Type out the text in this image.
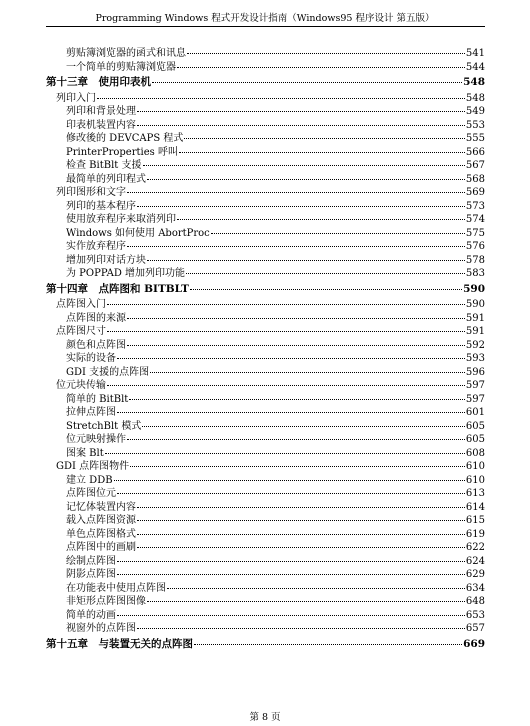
Programming Windows 程式开发设计指南（Windows95 程序设计 第五版）
剪贴簿浏览器的函式和讯息	541
一个简单的剪贴簿浏览器	544
第十三章　使用印表机	548
列印入门	548
列印和背景处理	549
印表机装置内容	553
修改後的 DEVCAPS 程式	555
PrinterProperties 呼叫	566
检查 BitBlt 支援	567
最简单的列印程式	568
列印图形和文字	569
列印的基本程序	573
使用放弃程序来取消列印	574
Windows 如何使用 AbortProc	575
实作放弃程序	576
增加列印对话方块	578
为 POPPAD 增加列印功能	583
第十四章　点阵图和 BITBLT	590
点阵图入门	590
点阵图的来源	591
点阵图尺寸	591
颜色和点阵图	592
实际的设备	593
GDI 支援的点阵图	596
位元块传输	597
简单的 BitBlt	597
拉伸点阵图	601
StretchBlt 模式	605
位元映射操作	605
图案 Blt	608
GDI 点阵图物件	610
建立 DDB	610
点阵图位元	613
记忆体装置内容	614
载入点阵图资源	615
单色点阵图格式	619
点阵图中的画刷	622
绘制点阵图	624
阴影点阵图	629
在功能表中使用点阵图	634
非矩形点阵图图像	648
简单的动画	653
视窗外的点阵图	657
第十五章　与装置无关的点阵图	669
第 8 页
